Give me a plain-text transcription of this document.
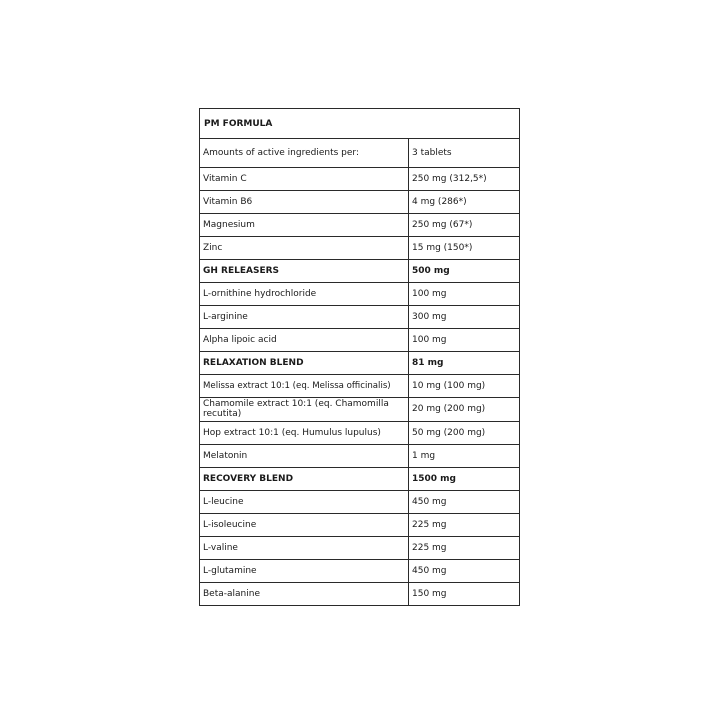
PM FORMULA
Amounts of active ingredients per:	3 tablets
Vitamin C	250 mg (312,5*)
Vitamin B6	4 mg (286*)
Magnesium	250 mg (67*)
Zinc	15 mg (150*)
GH RELEASERS	500 mg
L-ornithine hydrochloride	100 mg
L-arginine	300 mg
Alpha lipoic acid	100 mg
RELAXATION BLEND	81 mg
Melissa extract 10:1 (eq. Melissa officinalis)	10 mg (100 mg)
Chamomile extract 10:1 (eq. Chamomilla recutita)	20 mg (200 mg)
Hop extract 10:1 (eq. Humulus lupulus)	50 mg (200 mg)
Melatonin	1 mg
RECOVERY BLEND	1500 mg
L-leucine	450 mg
L-isoleucine	225 mg
L-valine	225 mg
L-glutamine	450 mg
Beta-alanine	150 mg
